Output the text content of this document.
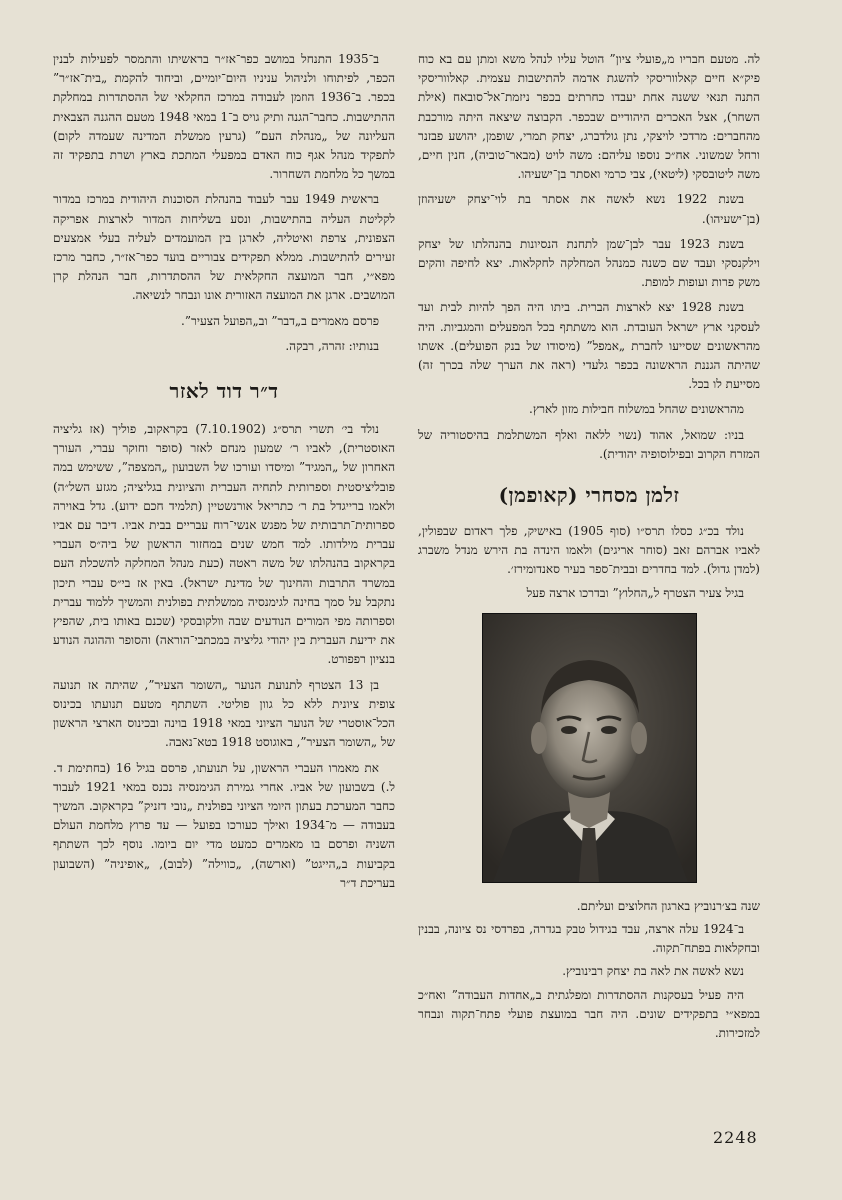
לה. מטעם חבריו מ„פועלי ציון” הוטל עליו לנהל משא ומתן עם בא כוח פיק״א חיים קאלווריסקי להשגת אדמה להתישבות עצמית. קאלווריסקי התנה תנאי ששנה אחת יעבדו כחרתים בכפר ניזמת־אל־סובאח (אילת השחר), אצל האכרים היהודיים שבכפר. הקבוצה שיצאה היתה מורכבת מהחברים: מרדכי לויצקי, נתן גולדברג, יצחק תמרי, שופמן, יהושע פבזנר ורחל שמשוני. אח״כ נוספו עליהם: משה לויט (מבאר־טוביה), חנין חיים, משה ליטובסקי (ליטאי), צבי כרמי ואסתר בן־ישעיהו.

בשנת 1922 נשא לאשה את אסתר בת לוי־יצחק ישעיהוזן (בן־ישעיהו).

בשנת 1923 עבר לבן־שמן לתחנת הנסיונות בהנהלתו של יצחק וילקנסקי ועבד שם כשנה כמנהל המחלקה לחקלאות. יצא לחיפה והקים משק פרות ועופות למופת.

בשנת 1928 יצא לארצות הברית. ביתו היה הפך להיות לבית ועד לעסקני ארץ ישראל העובדת. הוא משתתף בכל המפעלים והמגביות. היה מהראשונים שסייעו לחברת „אמפל” (מיסודו של בנק הפועלים). אשתו שהיתה הגננת הראשונה בכפר גלעדי (ראה את הערך שלה בכרך זה) מסייעת לו בכל.

מהראשונים שהחל במשלוח חבילות מזון לארץ.

בניו: שמואל, אהוד (נשוי ללאה ואלף המשתלמת בהיסטוריה של המזרח הקרוב ובפילוסופיה יהודית).

זלמן מסחרי (קאופמן)

נולד בכ״ג כסלו תרס״ו (סוף 1905) באישיק, פלך ראדום שבפולין, לאביו אברהם זאב (סוחר אריגים) ולאמו הינדה בת הירש מנדל משברג (למדן גדול). למד בחדרים ובבית־ספר בעיר סאנדומירז׳.

בגיל צעיר הצטרף ל„החלוץ” ובדרכו ארצה פעל

שנה בצ׳רנוביץ בארגון החלוצים ועליתם.

ב־1924 עלה ארצה, עבד בגידול טבק בגדרה, בפרדסי נס ציונה, בבנין ובחקלאות בפתח־תקוה.

נשא לאשה את לאה בת יצחק רבינוביץ.

היה פעיל בעסקנות ההסתדרות ומפלגתית ב„אחדות העבודה” ואח״כ במפא״י בתפקידים שונים. היה חבר במועצת פועלי פתח־תקוה ונבחר למזכירות.

ב־1935 התנחל במושב כפר־אז״ר בראשיתו והתמסר לפעילות לבנין הכפר, לפיתוחו ולניהול עניניו היום־יומיים, וביחוד להקמת „בית־אז״ר” בכפר. ב־1936 הוזמן לעבודה במרכז החקלאי של ההסתדרות במחלקת ההתישבות. כחבר־הגנה ותיק גויס ב־1 במאי 1948 מטעם ההגנה הצבאית העליונה של „מנהלת העם” (גרעין ממשלת המדינה שעמדה לקום) לתפקיד מנהל אגף כוח האדם במפעלי המתכת בארץ ושרת בתפקיד זה במשך כל מלחמת השחרור.

בראשית 1949 עבר לעבוד בהנהלת הסוכנות היהודית במרכז במדור לקליטת העליה בהתישבות, ונסע בשליחות המדור לארצות אפריקה הצפונית, צרפת ואיטליה, לארגן בין המועמדים לעליה בעלי אמצעים זעירים להתישבות. ממלא תפקידים צבוריים בועד כפר־אז״ר, כחבר מרכז מפא״י, חבר המועצה החקלאית של ההסתדרות, חבר הנהלת קרן המושבים. ארגן את המועצה האזורית אונו ונבחר לנשיאה.

פרסם מאמרים ב„דבר” וב„הפועל הצעיר”.

בנותיו: זהרה, רבקה.

ד״ר דוד לאזר

נולד בי׳ תשרי תרס״ג (7.10.1902) בקראקוב, פוליך (אז גליציה האוסטרית), לאביו ר׳ שמעון מנחם לאזר (סופר וחוקר עברי, העורך האחרון של „המגיד” ומיסדו ועורכו של השבועון „המצפה”, ששימש במה פובליציסטית וספרותית לתחיה העברית והציונית בגליציה; מגזע השל״ה) ולאמו ברייגדל בת ר׳ כתריאל אורנשטיין (תלמיד חכם ידוע). גדל באוירה ספרותית־תרבותית של מפגש אנשי־רוח עבריים בבית אביו. דיבר עם אביו עברית מילדותו. למד חמש שנים במחזור הראשון של ביה״ס העברי בקראקוב בהנהלתו של משה ראטה (כעת מנהל המחלקה להשכלת העם במשרד התרבות והחינוך של מדינת ישראל). באין אז בי״ס עברי תיכון נתקבל על סמך בחינה לגימנסיה ממשלתית בפולנית והמשיך ללמוד עברית וספרותה מפי המורים הנודעים שבה וולקובסקי (שכנם באותו בית, שהפיץ את ידיעת העברית בין יהודי גליציה במכתבי־הוראה) והסופר וההוגה הנודע בנציון רפפורט.

בן 13 הצטרף לתנועת הנוער „השומר הצעיר”, שהיתה אז תנועה צופית ציונית ללא כל גוון פוליטי. השתתף מטעם תנועתו בכינוס הכל־אוסטרי של הנוער הציוני במאי 1918 בוינה ובכינוס הארצי הראשון של „השומר הצעיר”, באוגוסט 1918 בטא־נאבה.

את מאמרו העברי הראשון, על תנועתו, פרסם בגיל 16 (בחתימת ד. ל.) בשבועון של אביו. אחרי גמירת הגימנסיה נכנס במאי 1921 לעבוד כחבר המערכת בעתון היומי הציוני בפולנית „נובי דזניק” בקראקוב. המשיך בעבודה — מ־1934 ואילך כעורכו בפועל — עד פרוץ מלחמת העולם השניה ופרסם בו מאמרים כמעט מדי יום ביומו. נוסף לכך השתתף בקביעות ב„הייגט” (וארשה), „כווילה” (לבוב), „אופיניה” (השבועון בעריכת ד״ר

2248
